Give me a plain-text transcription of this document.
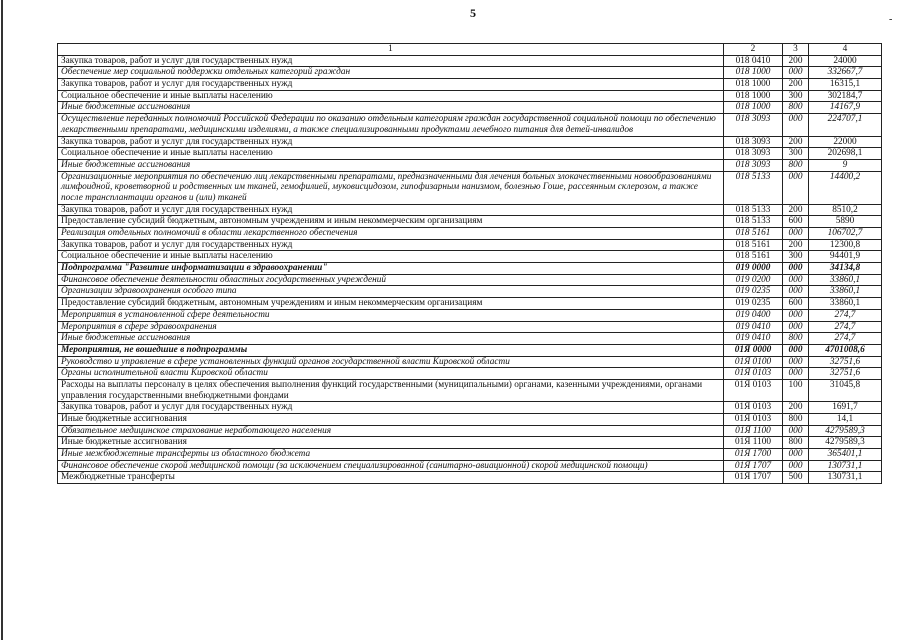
5	-
1	2	3	4
Закупка товаров, работ и услуг для государственных нужд	018 0410	200	24000
Обеспечение мер социальной поддержки отдельных категорий граждан	018 1000	000	332667,7
Закупка товаров, работ и услуг для государственных нужд	018 1000	200	16315,1
Социальное обеспечение и иные выплаты населению	018 1000	300	302184,7
Иные бюджетные ассигнования	018 1000	800	14167,9
Осуществление переданных полномочий Российской Федерации по оказанию отдельным категориям граждан государственной социальной помощи по обеспечению лекарственными препаратами, медицинскими изделиями, а также специализированными продуктами лечебного питания для детей-инвалидов	018 3093	000	224707,1
Закупка товаров, работ и услуг для государственных нужд	018 3093	200	22000
Социальное обеспечение и иные выплаты населению	018 3093	300	202698,1
Иные бюджетные ассигнования	018 3093	800	9
Организационные мероприятия по обеспечению лиц лекарственными препаратами, предназначенными для лечения больных злокачественными новообразованиями лимфоидной, кроветворной и родственных им тканей, гемофилией, муковисцидозом, гипофизарным нанизмом, болезнью Гоше, рассеянным склерозом, а также после трансплантации органов и (или) тканей	018 5133	000	14400,2
Закупка товаров, работ и услуг для государственных нужд	018 5133	200	8510,2
Предоставление субсидий бюджетным, автономным учреждениям и иным некоммерческим организациям	018 5133	600	5890
Реализация отдельных полномочий в области лекарственного обеспечения	018 5161	000	106702,7
Закупка товаров, работ и услуг для государственных нужд	018 5161	200	12300,8
Социальное обеспечение и иные выплаты населению	018 5161	300	94401,9
Подпрограмма "Развитие информатизации в здравоохранении"	019 0000	000	34134,8
Финансовое обеспечение деятельности областных государственных учреждений	019 0200	000	33860,1
Организации здравоохранения особого типа	019 0235	000	33860,1
Предоставление субсидий бюджетным, автономным учреждениям и иным некоммерческим организациям	019 0235	600	33860,1
Мероприятия в установленной сфере деятельности	019 0400	000	274,7
Мероприятия в сфере здравоохранения	019 0410	000	274,7
Иные бюджетные ассигнования	019 0410	800	274,7
Мероприятия, не вошедшие в подпрограммы	01Я 0000	000	4701008,6
Руководство и управление в сфере установленных функций органов государственной власти Кировской области	01Я 0100	000	32751,6
Органы исполнительной власти Кировской области	01Я 0103	000	32751,6
Расходы на выплаты персоналу в целях обеспечения выполнения функций государственными (муниципальными) органами, казенными учреждениями, органами управления государственными внебюджетными фондами	01Я 0103	100	31045,8
Закупка товаров, работ и услуг для государственных нужд	01Я 0103	200	1691,7
Иные бюджетные ассигнования	01Я 0103	800	14,1
Обязательное медицинское страхование неработающего населения	01Я 1100	000	4279589,3
Иные бюджетные ассигнования	01Я 1100	800	4279589,3
Иные межбюджетные трансферты из областного бюджета	01Я 1700	000	365401,1
Финансовое обеспечение скорой медицинской помощи (за исключением специализированной (санитарно-авиационной) скорой медицинской помощи)	01Я 1707	000	130731,1
Межбюджетные трансферты	01Я 1707	500	130731,1
